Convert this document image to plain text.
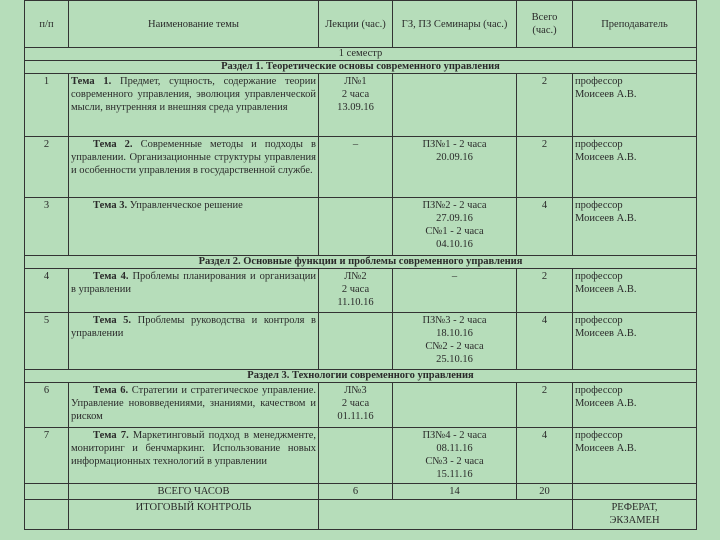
п/п	Наименование темы	Лекции (час.)	ГЗ, ПЗ Семинары (час.)	Всего (час.)	Преподаватель
1 семестр					
Раздел 1. Теоретические основы современного управления					
1	Тема 1. Предмет, сущность, содержание теории современного управления, эволюция управленческой мысли, внутренняя и внешняя среда управления	Л№1
2 часа
13.09.16		2	профессор
Моисеев А.В.
2	Тема 2. Современные методы и подходы в управлении. Организационные структуры управления и особенности управления в государственной службе.	–	ПЗ№1 - 2 часа
20.09.16	2	профессор
Моисеев А.В.
3	Тема 3. Управленческое решение		ПЗ№2 - 2 часа
27.09.16
С№1 - 2 часа
04.10.16	4	профессор
Моисеев А.В.
Раздел 2. Основные функции и проблемы современного управления					
4	Тема 4. Проблемы планирования и организации в управлении	Л№2
2 часа
11.10.16	–	2	профессор
Моисеев А.В.
5	Тема 5. Проблемы руководства и контроля в управлении		ПЗ№3 - 2 часа
18.10.16
С№2 - 2 часа
25.10.16	4	профессор
Моисеев А.В.
Раздел 3. Технологии современного управления					
6	Тема 6. Стратегии и стратегическое управление. Управление нововведениями, знаниями, качеством и риском	Л№3
2 часа
01.11.16		2	профессор
Моисеев А.В.
7	Тема 7. Маркетинговый подход в менеджменте, мониторинг и бенчмаркинг. Использование новых информационных технологий в управлении		ПЗ№4 - 2 часа
08.11.16
С№3 - 2 часа
15.11.16	4	профессор
Моисеев А.В.
	ВСЕГО ЧАСОВ	6	14	20	
	ИТОГОВЫЙ КОНТРОЛЬ				РЕФЕРАТ,
ЭКЗАМЕН
